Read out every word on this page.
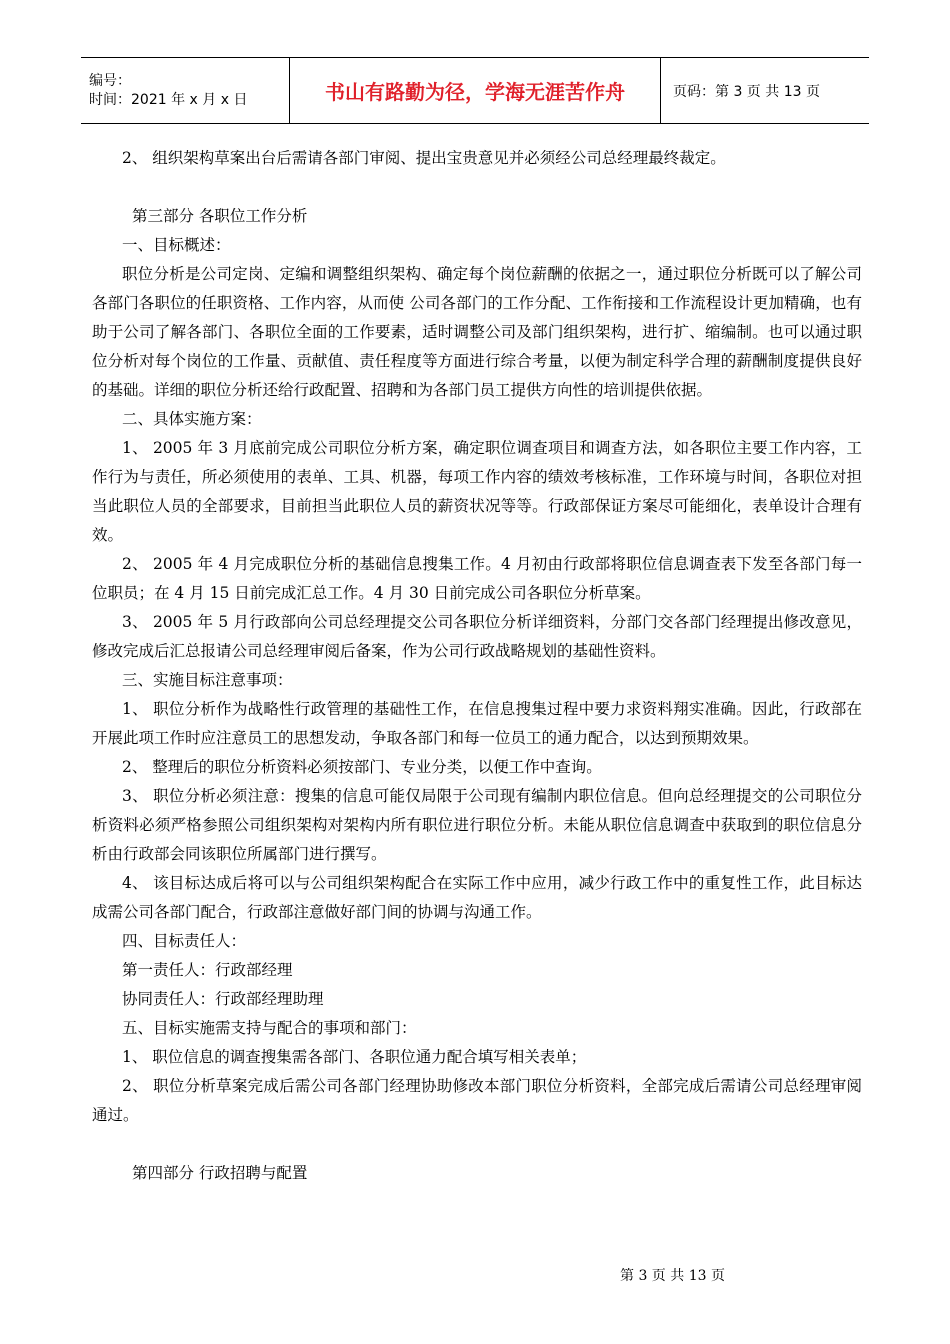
编号：
时间：2021 年 x 月 x 日	书山有路勤为径，学海无涯苦作舟	页码：第 3 页 共 13 页

2、 组织架构草案出台后需请各部门审阅、提出宝贵意见并必须经公司总经理最终裁定。

第三部分 各职位工作分析

一、目标概述：

职位分析是公司定岗、定编和调整组织架构、确定每个岗位薪酬的依据之一，通过职位分析既可以了解公司各部门各职位的任职资格、工作内容，从而使 公司各部门的工作分配、工作衔接和工作流程设计更加精确，也有助于公司了解各部门、各职位全面的工作要素，适时调整公司及部门组织架构，进行扩、缩编制。也可以通过职位分析对每个岗位的工作量、贡献值、责任程度等方面进行综合考量，以便为制定科学合理的薪酬制度提供良好的基础。详细的职位分析还给行政配置、招聘和为各部门员工提供方向性的培训提供依据。

二、具体实施方案：

1、 2005 年 3 月底前完成公司职位分析方案，确定职位调查项目和调查方法，如各职位主要工作内容，工作行为与责任，所必须使用的表单、工具、机器，每项工作内容的绩效考核标准，工作环境与时间，各职位对担当此职位人员的全部要求，目前担当此职位人员的薪资状况等等。行政部保证方案尽可能细化，表单设计合理有效。

2、 2005 年 4 月完成职位分析的基础信息搜集工作。4 月初由行政部将职位信息调查表下发至各部门每一位职员；在 4 月 15 日前完成汇总工作。4 月 30 日前完成公司各职位分析草案。

3、 2005 年 5 月行政部向公司总经理提交公司各职位分析详细资料，分部门交各部门经理提出修改意见，修改完成后汇总报请公司总经理审阅后备案，作为公司行政战略规划的基础性资料。

三、实施目标注意事项：

1、 职位分析作为战略性行政管理的基础性工作，在信息搜集过程中要力求资料翔实准确。因此，行政部在开展此项工作时应注意员工的思想发动，争取各部门和每一位员工的通力配合，以达到预期效果。

2、 整理后的职位分析资料必须按部门、专业分类，以便工作中查询。

3、 职位分析必须注意：搜集的信息可能仅局限于公司现有编制内职位信息。但向总经理提交的公司职位分析资料必须严格参照公司组织架构对架构内所有职位进行职位分析。未能从职位信息调查中获取到的职位信息分析由行政部会同该职位所属部门进行撰写。

4、 该目标达成后将可以与公司组织架构配合在实际工作中应用，减少行政工作中的重复性工作，此目标达成需公司各部门配合，行政部注意做好部门间的协调与沟通工作。

四、目标责任人：

第一责任人：行政部经理

协同责任人：行政部经理助理

五、目标实施需支持与配合的事项和部门：

1、 职位信息的调查搜集需各部门、各职位通力配合填写相关表单；

2、 职位分析草案完成后需公司各部门经理协助修改本部门职位分析资料，全部完成后需请公司总经理审阅通过。

第四部分 行政招聘与配置

第 3 页 共 13 页
